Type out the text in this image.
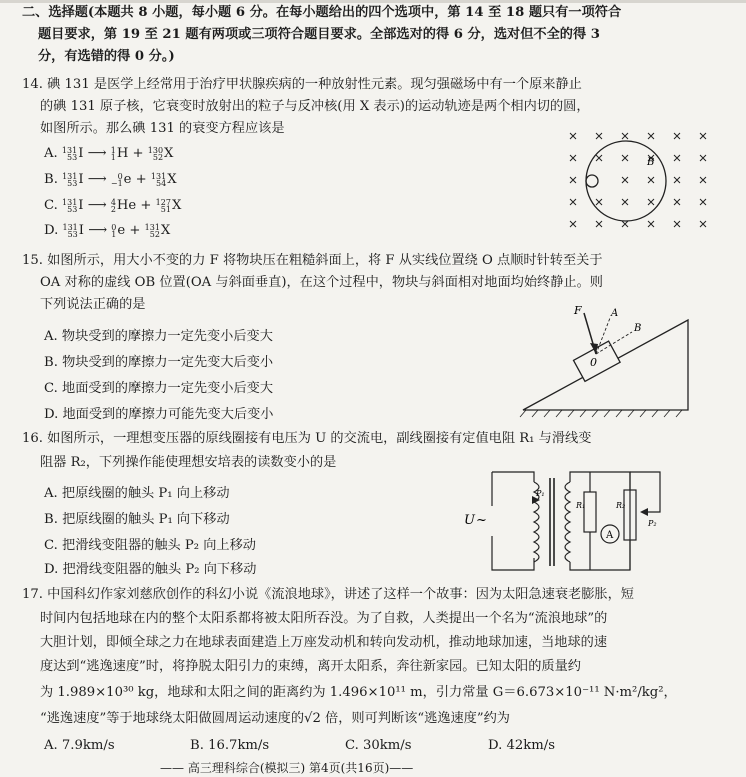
二、选择题(本题共 8 小题，每小题 6 分。在每小题给出的四个选项中，第 14 至 18 题只有一项符合
题目要求，第 19 至 21 题有两项或三项符合题目要求。全部选对的得 6 分，选对但不全的得 3
分，有选错的得 0 分。)
14. 碘 131 是医学上经常用于治疗甲状腺疾病的一种放射性元素。现匀强磁场中有一个原来静止
的碘 131 原子核，它衰变时放射出的粒子与反冲核(用 X 表示)的运动轨迹是两个相内切的圆，
如图所示。那么碘 131 的衰变方程应该是
A. 131
53 I ⟶ 1
1 H + 130
52 X
B. 131
53 I ⟶ 0
−1 e + 131
54 X
C. 131
53 I ⟶ 4
2 He + 127
51 X
D. 131
53 I ⟶ 0
1 e + 131
52 X
B
15. 如图所示，用大小不变的力 F 将物块压在粗糙斜面上，将 F 从实线位置绕 O 点顺时针转至关于
OA 对称的虚线 OB 位置(OA 与斜面垂直)，在这个过程中，物块与斜面相对地面均始终静止。则
下列说法正确的是
A. 物块受到的摩擦力一定先变小后变大
B. 物块受到的摩擦力一定先变大后变小
C. 地面受到的摩擦力一定先变小后变大
D. 地面受到的摩擦力可能先变大后变小
0
F	A
B
16. 如图所示，一理想变压器的原线圈接有电压为 U 的交流电，副线圈接有定值电阻 R₁ 与滑线变
阻器 R₂，下列操作能使理想安培表的读数变小的是
A. 把原线圈的触头 P₁ 向上移动
B. 把原线圈的触头 P₁ 向下移动
C. 把滑线变阻器的触头 P₂ 向上移动
D. 把滑线变阻器的触头 P₂ 向下移动
U ~
P₁
R₁	R₂
P₂
A
17. 中国科幻作家刘慈欣创作的科幻小说《流浪地球》，讲述了这样一个故事：因为太阳急速衰老膨胀，短
时间内包括地球在内的整个太阳系都将被太阳所吞没。为了自救，人类提出一个名为“流浪地球”的
大胆计划，即倾全球之力在地球表面建造上万座发动机和转向发动机，推动地球加速，当地球的速
度达到“逃逸速度”时，将挣脱太阳引力的束缚，离开太阳系，奔往新家园。已知太阳的质量约
为 1.989×10³⁰ kg，地球和太阳之间的距离约为 1.496×10¹¹ m，引力常量 G＝6.673×10⁻¹¹ N·m²/kg²，
“逃逸速度”等于地球绕太阳做圆周运动速度的√2 倍，则可判断该“逃逸速度”约为
A. 7.9km/s	B. 16.7km/s	C. 30km/s	D. 42km/s
—— 高三理科综合(模拟三) 第4页(共16页)——
